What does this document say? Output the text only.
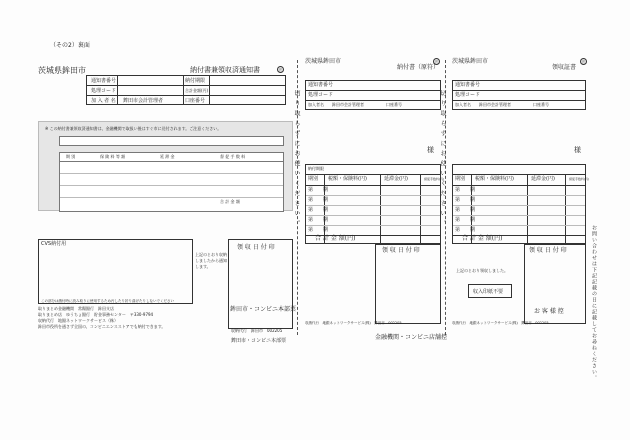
（その2）裏面
茨城県鉾田市	納付書兼領収済通知書	㊞
通知書番号
処理コード
加 入 者 名 鉾田市会計管理者
納付期限
合計金額(円)
口座番号
※ この納付書兼領収済通知書は、金融機関で取扱い後はすぐ市に送付されます。ご注意ください。
期 別	保 険 料 等 額	延 滞 金	督 促 手 数 料
合 計 金 額
CVS納付用
この部分は納付時に読み取りに使用するため汚したり折り曲げたりしないでください
取りまとめ金融機関　常陽銀行　鉾田支店
取りまとめ店　ゆうちょ銀行　貯金事務センター　〒330-9794
収納代行　地銀ネットワークサービス（株）
鉾田市役所を通さず全国の、コンビニエンスストアでも納付できます。
領 収 日 付 印
鉾田市・コンビニ本部票
上記のとおり収納しましたから通知します。
鉾田市・コンビニ本部票
収納代行　鉾田市　002205
切り取らずにお使いください。	切り取らずにお使いください。
茨城県鉾田市
納付書（原符）
㊞
通知書番号
処理コード
加入者名 鉾田市会計管理者	口座番号
様
納付期限
期別 税額・保険料(円)	延滞金(円)	督促手数料(円)
第　　期
第　　期
第　　期
第　　期
第　　期
合 計 金 額(円)
領 収 日 付 印
金融機関・コンビニ店舗控
収納代行　地銀ネットワークサービス(株)　鉾田市　002205
茨城県鉾田市
領収証書
㊞
通知書番号
処理コード
加入者名 鉾田市会計管理者	口座番号
様
期別 税額・保険料(円)	延滞金(円)	督促手数料(円)
第　　期
第　　期
第　　期
第　　期
第　　期
合 計 金 額(円)
上記のとおり領収しました。
収入印紙不要
領 収 日 付 印
お 客 様 控
収納代行　地銀ネットワークサービス(株)　鉾田市　002205	お問い合わせは下記記載の日に記載してお尋ねください。
